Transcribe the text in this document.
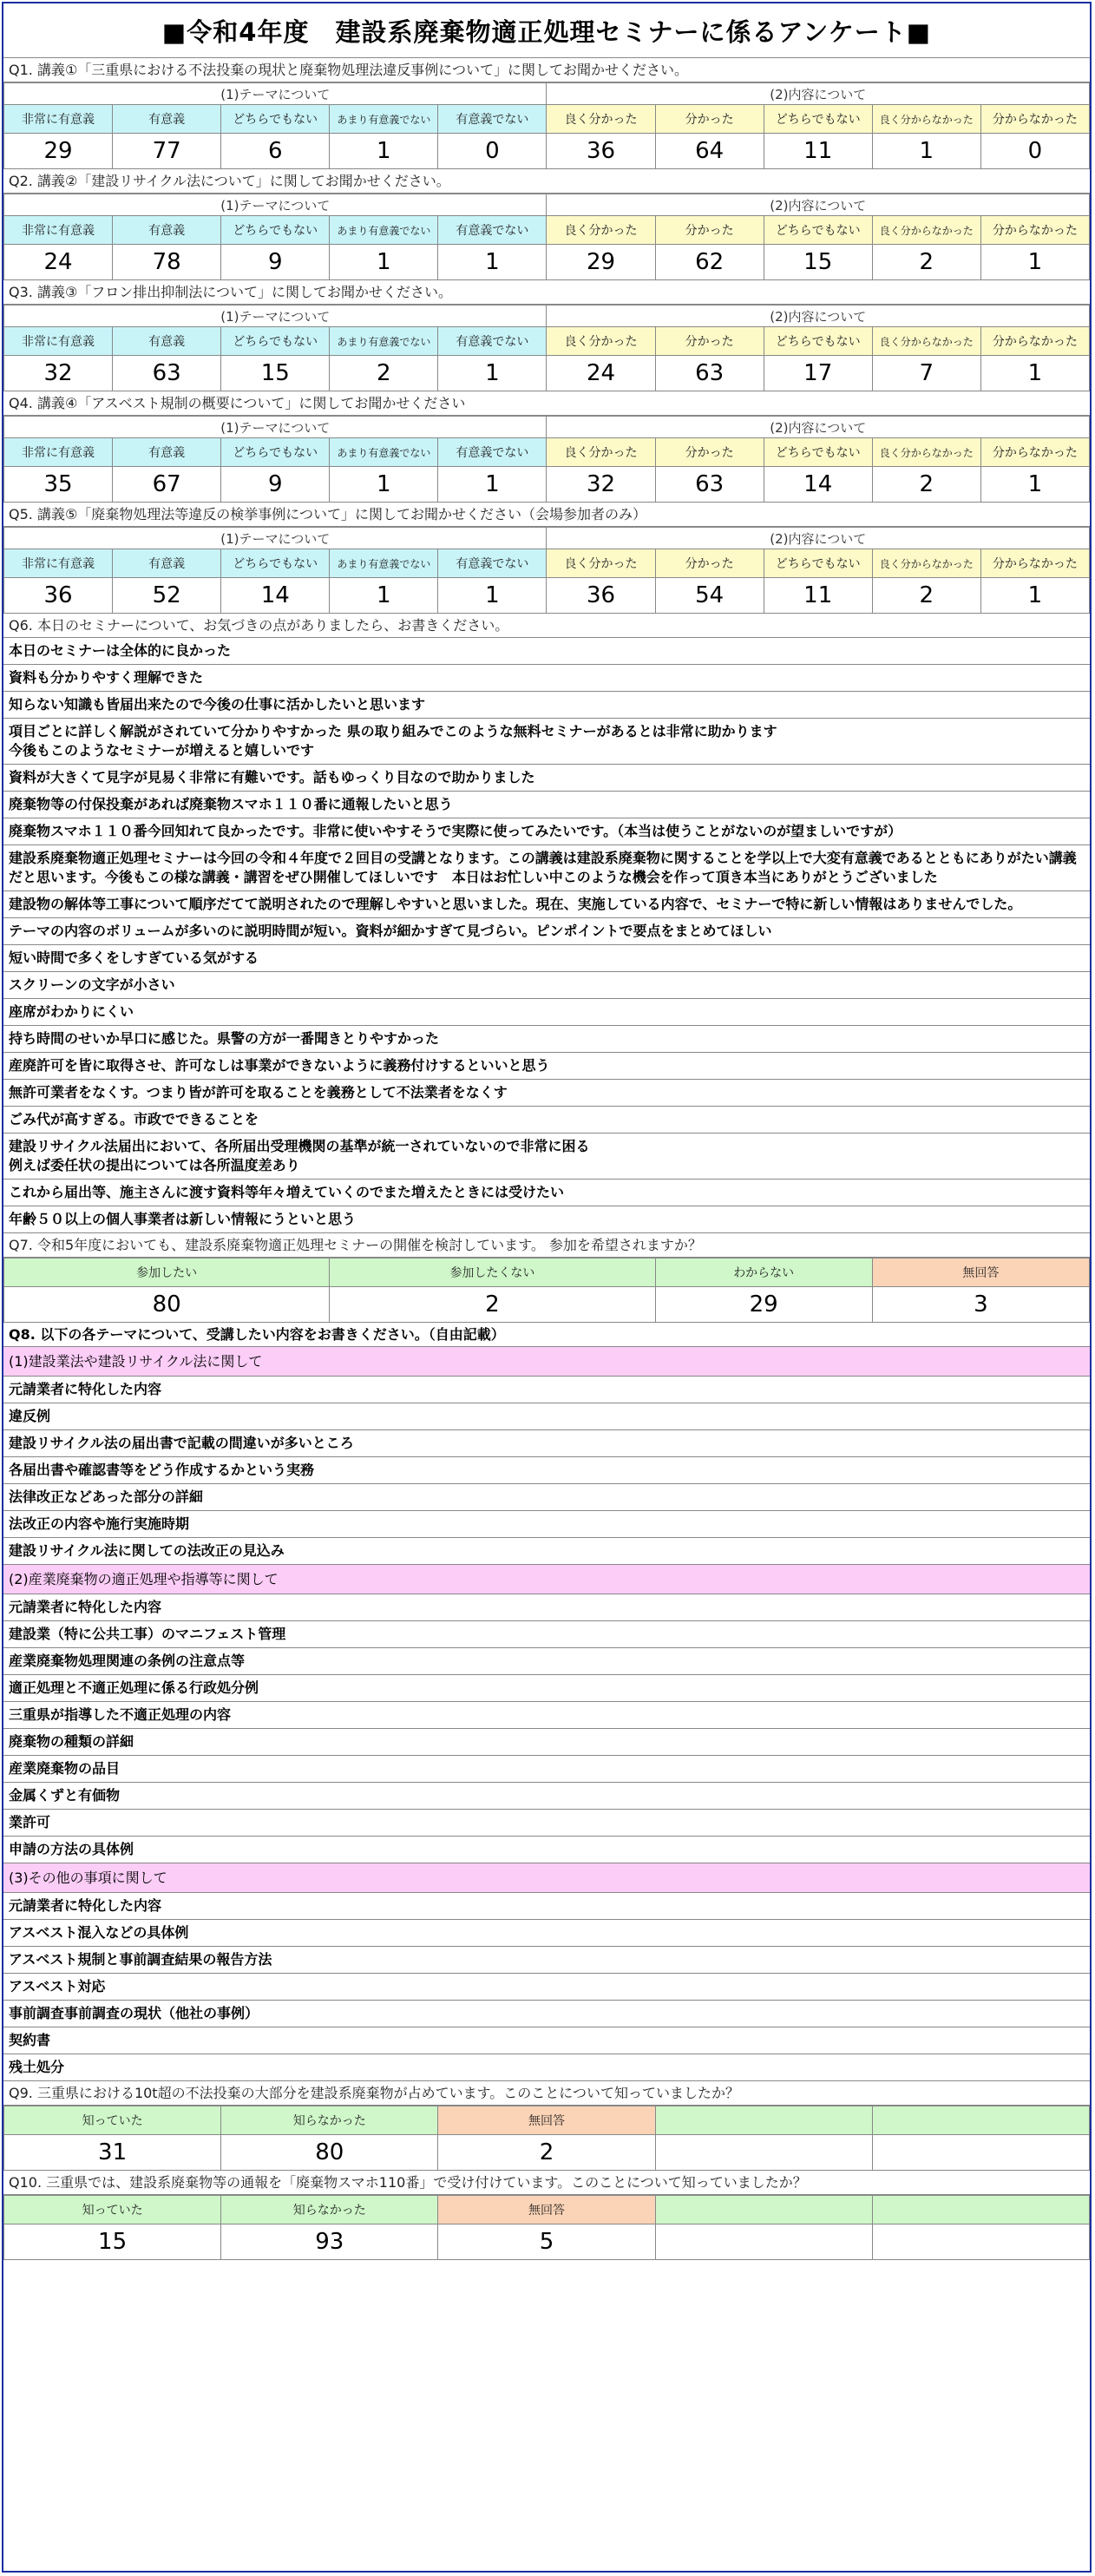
■令和4年度　建設系廃棄物適正処理セミナーに係るアンケート■
Q1. 講義①「三重県における不法投棄の現状と廃棄物処理法違反事例について」に関してお聞かせください。
(1)テーマについて					(2)内容について				
非常に有意義	有意義	どちらでもない	あまり有意義でない	有意義でない	良く分かった	分かった	どちらでもない	良く分からなかった	分からなかった
29	77	6	1	0	36	64	11	1	0
Q2. 講義②「建設リサイクル法について」に関してお聞かせください。
(1)テーマについて					(2)内容について				
非常に有意義	有意義	どちらでもない	あまり有意義でない	有意義でない	良く分かった	分かった	どちらでもない	良く分からなかった	分からなかった
24	78	9	1	1	29	62	15	2	1
Q3. 講義③「フロン排出抑制法について」に関してお聞かせください。
(1)テーマについて					(2)内容について				
非常に有意義	有意義	どちらでもない	あまり有意義でない	有意義でない	良く分かった	分かった	どちらでもない	良く分からなかった	分からなかった
32	63	15	2	1	24	63	17	7	1
Q4. 講義④「アスベスト規制の概要について」に関してお聞かせください
(1)テーマについて					(2)内容について				
非常に有意義	有意義	どちらでもない	あまり有意義でない	有意義でない	良く分かった	分かった	どちらでもない	良く分からなかった	分からなかった
35	67	9	1	1	32	63	14	2	1
Q5. 講義⑤「廃棄物処理法等違反の検挙事例について」に関してお聞かせください（会場参加者のみ）
(1)テーマについて					(2)内容について				
非常に有意義	有意義	どちらでもない	あまり有意義でない	有意義でない	良く分かった	分かった	どちらでもない	良く分からなかった	分からなかった
36	52	14	1	1	36	54	11	2	1
Q6. 本日のセミナーについて、お気づきの点がありましたら、お書きください。
本日のセミナーは全体的に良かった
資料も分かりやすく理解できた
知らない知識も皆届出来たので今後の仕事に活かしたいと思います
項目ごとに詳しく解説がされていて分かりやすかった 県の取り組みでこのような無料セミナーがあるとは非常に助かります
今後もこのようなセミナーが増えると嬉しいです
資料が大きくて見字が見易く非常に有難いです。話もゆっくり目なので助かりました
廃棄物等の付保投棄があれば廃棄物スマホ１１０番に通報したいと思う
廃棄物スマホ１１０番今回知れて良かったです。非常に使いやすそうで実際に使ってみたいです。（本当は使うことがないのが望ましいですが）
建設系廃棄物適正処理セミナーは今回の令和４年度で２回目の受講となります。この講義は建設系廃棄物に関することを学以上で大変有意義であるとともにありがたい講義だと思います。今後もこの様な講義・講習をぜひ開催してほしいです　本日はお忙しい中このような機会を作って頂き本当にありがとうございました
建設物の解体等工事について順序だてて説明されたので理解しやすいと思いました。現在、実施している内容で、セミナーで特に新しい情報はありませんでした。
テーマの内容のボリュームが多いのに説明時間が短い。資料が細かすぎて見づらい。ピンポイントで要点をまとめてほしい
短い時間で多くをしすぎている気がする
スクリーンの文字が小さい
座席がわかりにくい
持ち時間のせいか早口に感じた。県警の方が一番聞きとりやすかった
産廃許可を皆に取得させ、許可なしは事業ができないように義務付けするといいと思う
無許可業者をなくす。つまり皆が許可を取ることを義務として不法業者をなくす
ごみ代が高すぎる。市政でできることを
建設リサイクル法届出において、各所届出受理機関の基準が統一されていないので非常に困る
例えば委任状の提出については各所温度差あり
これから届出等、施主さんに渡す資料等年々増えていくのでまた増えたときには受けたい
年齢５０以上の個人事業者は新しい情報にうといと思う
Q7. 令和5年度においても、建設系廃棄物適正処理セミナーの開催を検討しています。 参加を希望されますか？
参加したい	参加したくない	わからない	無回答
80	2	29	3
Q8. 以下の各テーマについて、受講したい内容をお書きください。（自由記載）
(1)建設業法や建設リサイクル法に関して
元請業者に特化した内容
違反例
建設リサイクル法の届出書で記載の間違いが多いところ
各届出書や確認書等をどう作成するかという実務
法律改正などあった部分の詳細
法改正の内容や施行実施時期
建設リサイクル法に関しての法改正の見込み
(2)産業廃棄物の適正処理や指導等に関して
元請業者に特化した内容
建設業（特に公共工事）のマニフェスト管理
産業廃棄物処理関連の条例の注意点等
適正処理と不適正処理に係る行政処分例
三重県が指導した不適正処理の内容
廃棄物の種類の詳細
産業廃棄物の品目
金属くずと有価物
業許可
申請の方法の具体例
(3)その他の事項に関して
元請業者に特化した内容
アスベスト混入などの具体例
アスベスト規制と事前調査結果の報告方法
アスベスト対応
事前調査事前調査の現状（他社の事例）
契約書
残土処分
Q9. 三重県における10t超の不法投棄の大部分を建設系廃棄物が占めています。このことについて知っていましたか？
知っていた	知らなかった	無回答		
31	80	2		
Q10. 三重県では、建設系廃棄物等の通報を「廃棄物スマホ110番」で受け付けています。このことについて知っていましたか？
知っていた	知らなかった	無回答		
15	93	5		
